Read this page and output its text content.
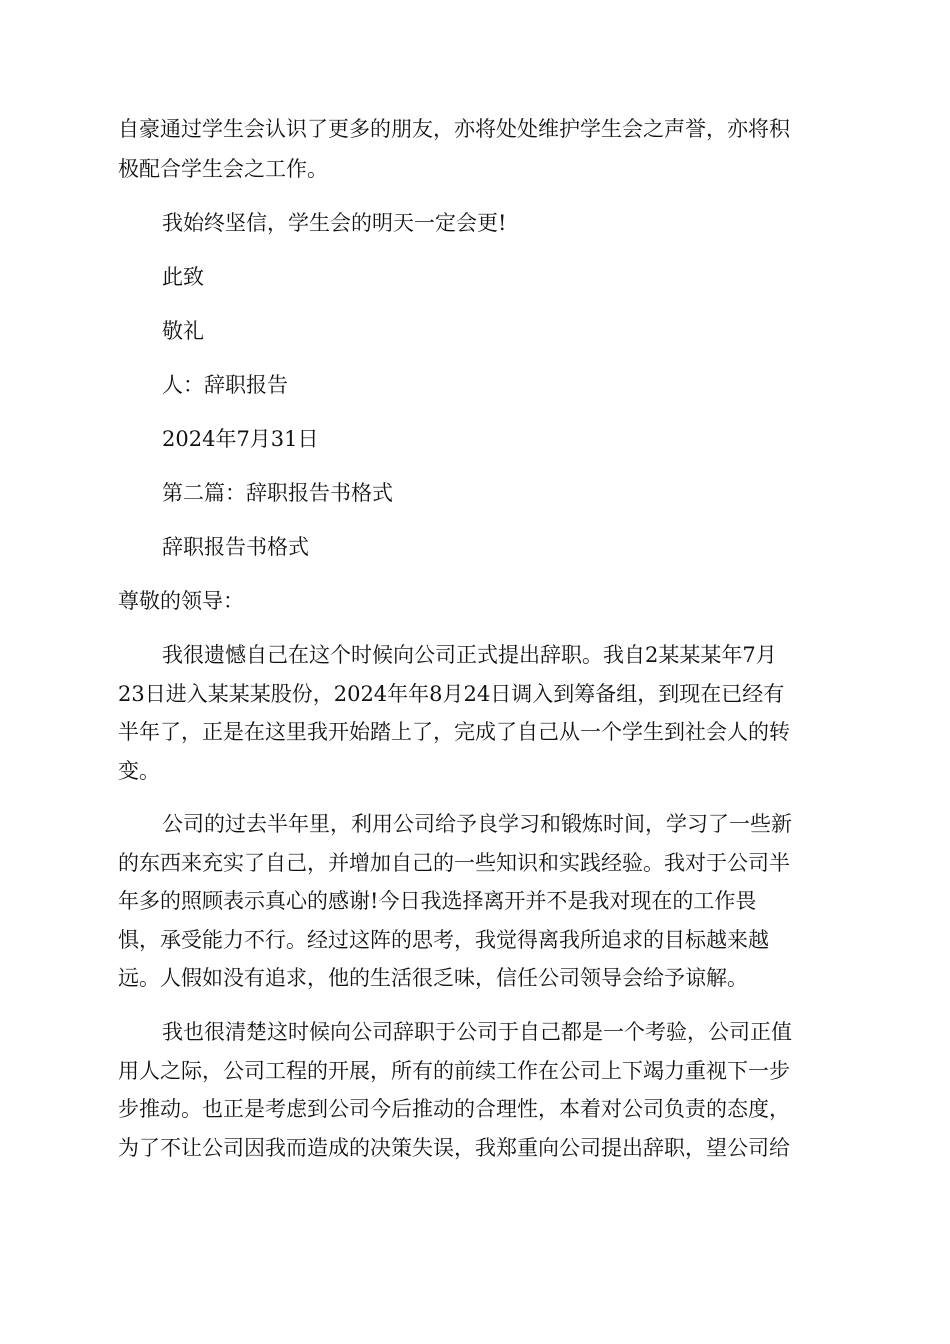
自豪通过学生会认识了更多的朋友，亦将处处维护学生会之声誉，亦将积
极配合学生会之工作。
我始终坚信，学生会的明天一定会更!
此致
敬礼
人：辞职报告
2024年7月31日
第二篇：辞职报告书格式
辞职报告书格式
尊敬的领导：
我很遗憾自己在这个时候向公司正式提出辞职。我自2某某某年7月
23日进入某某某股份，2024年年8月24日调入到筹备组，到现在已经有
半年了，正是在这里我开始踏上了，完成了自己从一个学生到社会人的转
变。
公司的过去半年里，利用公司给予良学习和锻炼时间，学习了一些新
的东西来充实了自己，并增加自己的一些知识和实践经验。我对于公司半
年多的照顾表示真心的感谢!今日我选择离开并不是我对现在的工作畏
惧，承受能力不行。经过这阵的思考，我觉得离我所追求的目标越来越
远。人假如没有追求，他的生活很乏味，信任公司领导会给予谅解。
我也很清楚这时候向公司辞职于公司于自己都是一个考验，公司正值
用人之际，公司工程的开展，所有的前续工作在公司上下竭力重视下一步
步推动。也正是考虑到公司今后推动的合理性，本着对公司负责的态度，
为了不让公司因我而造成的决策失误，我郑重向公司提出辞职，望公司给
